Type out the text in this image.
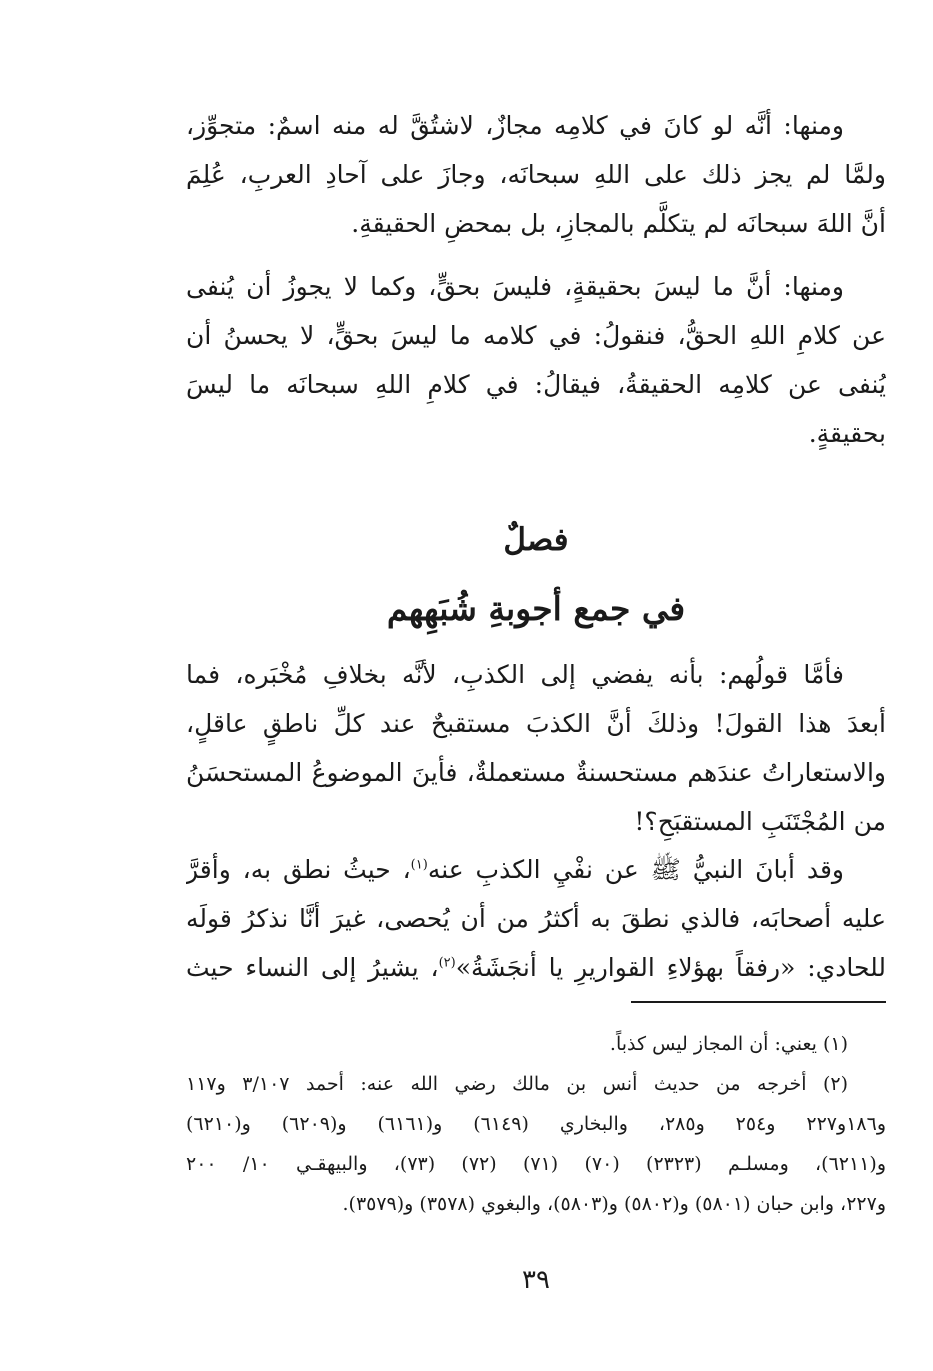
ومنها: أنَّه لو كانَ في كلامِه مجازٌ، لاشتُقَّ له منه اسمٌ: متجوِّز،
ولمَّا لم يجز ذلك على اللهِ سبحانَه، وجازَ على آحادِ العربِ، عُلِمَ
أنَّ اللهَ سبحانَه لم يتكلَّم بالمجازِ، بل بمحضِ الحقيقةِ.
ومنها: أنَّ ما ليسَ بحقيقةٍ، فليسَ بحقٍّ، وكما لا يجوزُ أن يُنفى
عن كلامِ اللهِ الحقُّ، فنقولُ: في كلامه ما ليسَ بحقٍّ، لا يحسنُ أن
يُنفى عن كلامِه الحقيقةُ، فيقالُ: في كلامِ اللهِ سبحانَه ما ليسَ
بحقيقةٍ.
فصلٌ
في جمع أجوبةِ شُبَهِهم
فأمَّا قولُهم: بأنه يفضي إلى الكذبِ، لأنَّه بخلافِ مُخْبَره، فما
أبعدَ هذا القولَ! وذلكَ أنَّ الكذبَ مستقبحٌ عند كلِّ ناطقٍ عاقلٍ،
والاستعاراتُ عندَهم مستحسنةٌ مستعملةٌ، فأينَ الموضوعُ المستحسَنُ
من المُجْتَنَبِ المستقبَحِ؟!
وقد أبانَ النبيُّ ﷺ عن نفْيِ الكذبِ عنه$^{(١)}$، حيثُ نطق به، وأقرَّ
عليه أصحابَه، فالذي نطقَ به أكثرُ من أن يُحصى، غيرَ أنَّا نذكرُ قولَه
للحادي: «رفقاً بهؤلاءِ القواريرِ يا أنجَشَةُ»$^{(٢)}$، يشيرُ إلى النساء حيث
(١) يعني: أن المجاز ليس كذباً.
(٢) أخرجه من حديث أنس بن مالك رضي الله عنه: أحمد ٣/١٠٧ و١١٧
و١٨٦و٢٢٧ و٢٥٤ و٢٨٥، والبخاري (٦١٤٩) و(٦١٦١) و(٦٢٠٩) و(٦٢١٠)
و(٦٢١١)، ومسلـم (٢٣٢٣) (٧٠) (٧١) (٧٢) (٧٣)، والبيهقـي ١٠/ ٢٠٠
و٢٢٧، وابن حبان (٥٨٠١) و(٥٨٠٢) و(٥٨٠٣)، والبغوي (٣٥٧٨) و(٣٥٧٩).
٣٩
